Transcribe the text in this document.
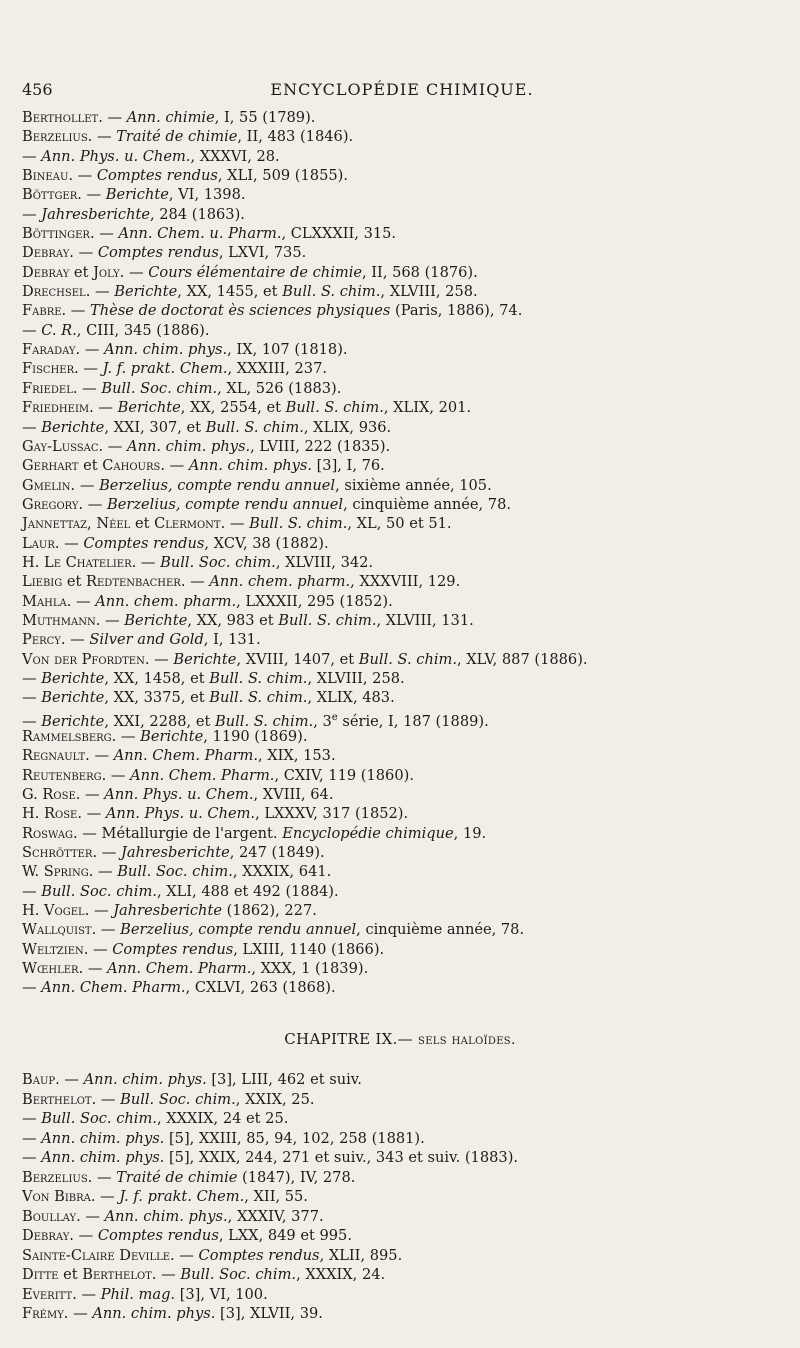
456	ENCYCLOPÉDIE CHIMIQUE.
Berthollet. — Ann. chimie, I, 55 (1789).
Berzelius. — Traité de chimie, II, 483 (1846).
— Ann. Phys. u. Chem., XXXVI, 28.
Bineau. — Comptes rendus, XLI, 509 (1855).
Böttger. — Berichte, VI, 1398.
— Jahresberichte, 284 (1863).
Böttinger. — Ann. Chem. u. Pharm., CLXXXII, 315.
Debray. — Comptes rendus, LXVI, 735.
Debray et Joly. — Cours élémentaire de chimie, II, 568 (1876).
Drechsel. — Berichte, XX, 1455, et Bull. S. chim., XLVIII, 258.
Fabre. — Thèse de doctorat ès sciences physiques (Paris, 1886), 74.
— C. R., CIII, 345 (1886).
Faraday. — Ann. chim. phys., IX, 107 (1818).
Fischer. — J. f. prakt. Chem., XXXIII, 237.
Friedel. — Bull. Soc. chim., XL, 526 (1883).
Friedheim. — Berichte, XX, 2554, et Bull. S. chim., XLIX, 201.
— Berichte, XXI, 307, et Bull. S. chim., XLIX, 936.
Gay-Lussac. — Ann. chim. phys., LVIII, 222 (1835).
Gerhart et Cahours. — Ann. chim. phys. [3], I, 76.
Gmelin. — Berzelius, compte rendu annuel, sixième année, 105.
Gregory. — Berzelius, compte rendu annuel, cinquième année, 78.
Jannettaz, Néel et Clermont. — Bull. S. chim., XL, 50 et 51.
Laur. — Comptes rendus, XCV, 38 (1882).
H. Le Chatelier. — Bull. Soc. chim., XLVIII, 342.
Liebig et Redtenbacher. — Ann. chem. pharm., XXXVIII, 129.
Mahla. — Ann. chem. pharm., LXXXII, 295 (1852).
Muthmann. — Berichte, XX, 983 et Bull. S. chim., XLVIII, 131.
Percy. — Silver and Gold, I, 131.
Von der Pfordten. — Berichte, XVIII, 1407, et Bull. S. chim., XLV, 887 (1886).
— Berichte, XX, 1458, et Bull. S. chim., XLVIII, 258.
— Berichte, XX, 3375, et Bull. S. chim., XLIX, 483.
— Berichte, XXI, 2288, et Bull. S. chim., 3e série, I, 187 (1889).
Rammelsberg. — Berichte, 1190 (1869).
Regnault. — Ann. Chem. Pharm., XIX, 153.
Reutenberg. — Ann. Chem. Pharm., CXIV, 119 (1860).
G. Rose. — Ann. Phys. u. Chem., XVIII, 64.
H. Rose. — Ann. Phys. u. Chem., LXXXV, 317 (1852).
Roswag. — Métallurgie de l'argent. Encyclopédie chimique, 19.
Schrötter. — Jahresberichte, 247 (1849).
W. Spring. — Bull. Soc. chim., XXXIX, 641.
— Bull. Soc. chim., XLI, 488 et 492 (1884).
H. Vogel. — Jahresberichte (1862), 227.
Wallquist. — Berzelius, compte rendu annuel, cinquième année, 78.
Weltzien. — Comptes rendus, LXIII, 1140 (1866).
Wœhler. — Ann. Chem. Pharm., XXX, 1 (1839).
— Ann. Chem. Pharm., CXLVI, 263 (1868).
CHAPITRE IX.— sels haloïdes.
Baup. — Ann. chim. phys. [3], LIII, 462 et suiv.
Berthelot. — Bull. Soc. chim., XXIX, 25.
— Bull. Soc. chim., XXXIX, 24 et 25.
— Ann. chim. phys. [5], XXIII, 85, 94, 102, 258 (1881).
— Ann. chim. phys. [5], XXIX, 244, 271 et suiv., 343 et suiv. (1883).
Berzelius. — Traité de chimie (1847), IV, 278.
Von Bibra. — J. f. prakt. Chem., XII, 55.
Boullay. — Ann. chim. phys., XXXIV, 377.
Debray. — Comptes rendus, LXX, 849 et 995.
Sainte-Claire Deville. — Comptes rendus, XLII, 895.
Ditte et Berthelot. — Bull. Soc. chim., XXXIX, 24.
Everitt. — Phil. mag. [3], VI, 100.
Frémy. — Ann. chim. phys. [3], XLVII, 39.
